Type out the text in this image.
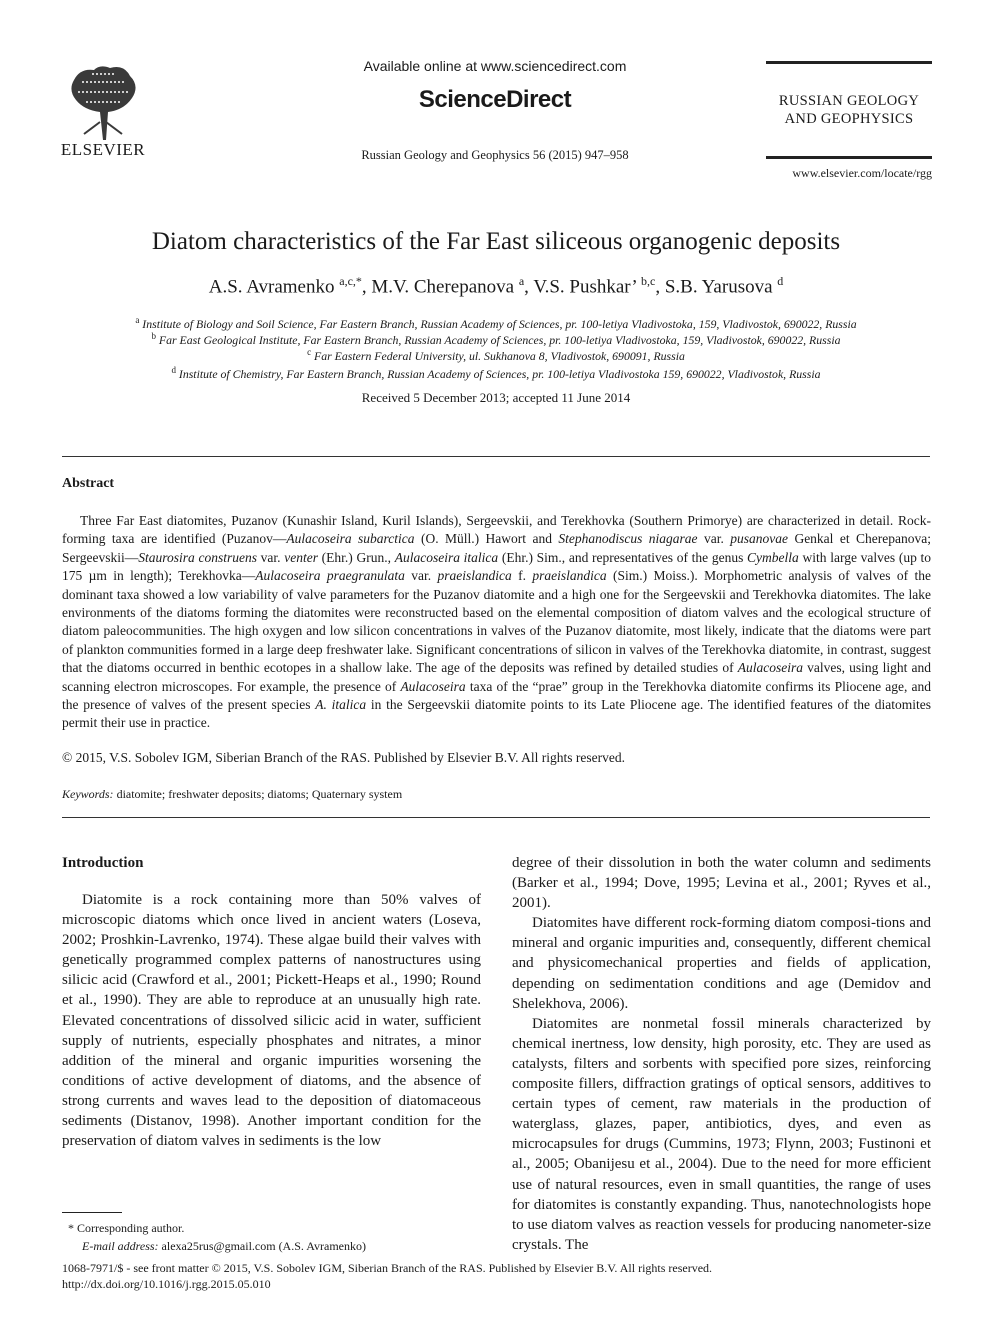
ELSEVIER
Available online at www.sciencedirect.com
ScienceDirect
Russian Geology and Geophysics 56 (2015) 947–958
RUSSIAN GEOLOGY
AND GEOPHYSICS
www.elsevier.com/locate/rgg
Diatom characteristics of the Far East siliceous organogenic deposits
A.S. Avramenko $^{a,c,*}$, M.V. Cherepanova $^a$, V.S. Pushkar’ $^{b,c}$, S.B. Yarusova $^d$
$^a$ Institute of Biology and Soil Science, Far Eastern Branch, Russian Academy of Sciences, pr. 100-letiya Vladivostoka, 159, Vladivostok, 690022, Russia
$^b$ Far East Geological Institute, Far Eastern Branch, Russian Academy of Sciences, pr. 100-letiya Vladivostoka, 159, Vladivostok, 690022, Russia
$^c$ Far Eastern Federal University, ul. Sukhanova 8, Vladivostok, 690091, Russia
$^d$ Institute of Chemistry, Far Eastern Branch, Russian Academy of Sciences, pr. 100-letiya Vladivostoka 159, 690022, Vladivostok, Russia
Received 5 December 2013; accepted 11 June 2014
Abstract

Three Far East diatomites, Puzanov (Kunashir Island, Kuril Islands), Sergeevskii, and Terekhovka (Southern Primorye) are characterized in detail. Rock-forming taxa are identified (Puzanov—Aulacoseira subarctica (O. Müll.) Hawort and Stephanodiscus niagarae var. pusanovae Genkal et Cherepanova; Sergeevskii—Staurosira construens var. venter (Ehr.) Grun., Aulacoseira italica (Ehr.) Sim., and representatives of the genus Cymbella with large valves (up to 175 µm in length); Terekhovka—Aulacoseira praegranulata var. praeislandica f. praeislandica (Sim.) Moiss.). Morphometric analysis of valves of the dominant taxa showed a low variability of valve parameters for the Puzanov diatomite and a high one for the Sergeevskii and Terekhovka diatomites. The lake environments of the diatoms forming the diatomites were reconstructed based on the elemental composition of diatom valves and the ecological structure of diatom paleocommunities. The high oxygen and low silicon concentrations in valves of the Puzanov diatomite, most likely, indicate that the diatoms were part of plankton communities formed in a large deep freshwater lake. Significant concentrations of silicon in valves of the Terekhovka diatomite, in contrast, suggest that the diatoms occurred in benthic ecotopes in a shallow lake. The age of the deposits was refined by detailed studies of Aulacoseira valves, using light and scanning electron microscopes. For example, the presence of Aulacoseira taxa of the “prae” group in the Terekhovka diatomite confirms its Pliocene age, and the presence of valves of the present species A. italica in the Sergeevskii diatomite points to its Late Pliocene age. The identified features of the diatomites permit their use in practice.

© 2015, V.S. Sobolev IGM, Siberian Branch of the RAS. Published by Elsevier B.V. All rights reserved.
Keywords: diatomite; freshwater deposits; diatoms; Quaternary system
Introduction

Diatomite is a rock containing more than 50% valves of microscopic diatoms which once lived in ancient waters (Loseva, 2002; Proshkin-Lavrenko, 1974). These algae build their valves with genetically programmed complex patterns of nanostructures using silicic acid (Crawford et al., 2001; Pickett-Heaps et al., 1990; Round et al., 1990). They are able to reproduce at an unusually high rate. Elevated concentrations of dissolved silicic acid in water, sufficient supply of nutrients, especially phosphates and nitrates, a minor addition of the mineral and organic impurities worsening the conditions of active development of diatoms, and the absence of strong currents and waves lead to the deposition of diatomaceous sediments (Distanov, 1998). Another important condition for the preservation of diatom valves in sediments is the low

degree of their dissolution in both the water column and sediments (Barker et al., 1994; Dove, 1995; Levina et al., 2001; Ryves et al., 2001).

Diatomites have different rock-forming diatom composi-tions and mineral and organic impurities and, consequently, different chemical and physicomechanical properties and fields of application, depending on sedimentation conditions and age (Demidov and Shelekhova, 2006).

Diatomites are nonmetal fossil minerals characterized by chemical inertness, low density, high porosity, etc. They are used as catalysts, filters and sorbents with specified pore sizes, reinforcing composite fillers, diffraction gratings of optical sensors, additives to certain types of cement, raw materials in the production of waterglass, glazes, paper, antibiotics, dyes, and even as microcapsules for drugs (Cummins, 1973; Flynn, 2003; Fustinoni et al., 2005; Obanijesu et al., 2004). Due to the need for more efficient use of natural resources, even in small quantities, the range of uses for diatomites is constantly expanding. Thus, nanotechnologists hope to use diatom valves as reaction vessels for producing nanometer-size crystals. The

* Corresponding author.
E-mail address: alexa25rus@gmail.com (A.S. Avramenko)
1068-7971/$ - see front matter © 2015, V.S. Sobolev IGM, Siberian Branch of the RAS. Published by Elsevier B.V. All rights reserved.
http://dx.doi.org/10.1016/j.rgg.2015.05.010
